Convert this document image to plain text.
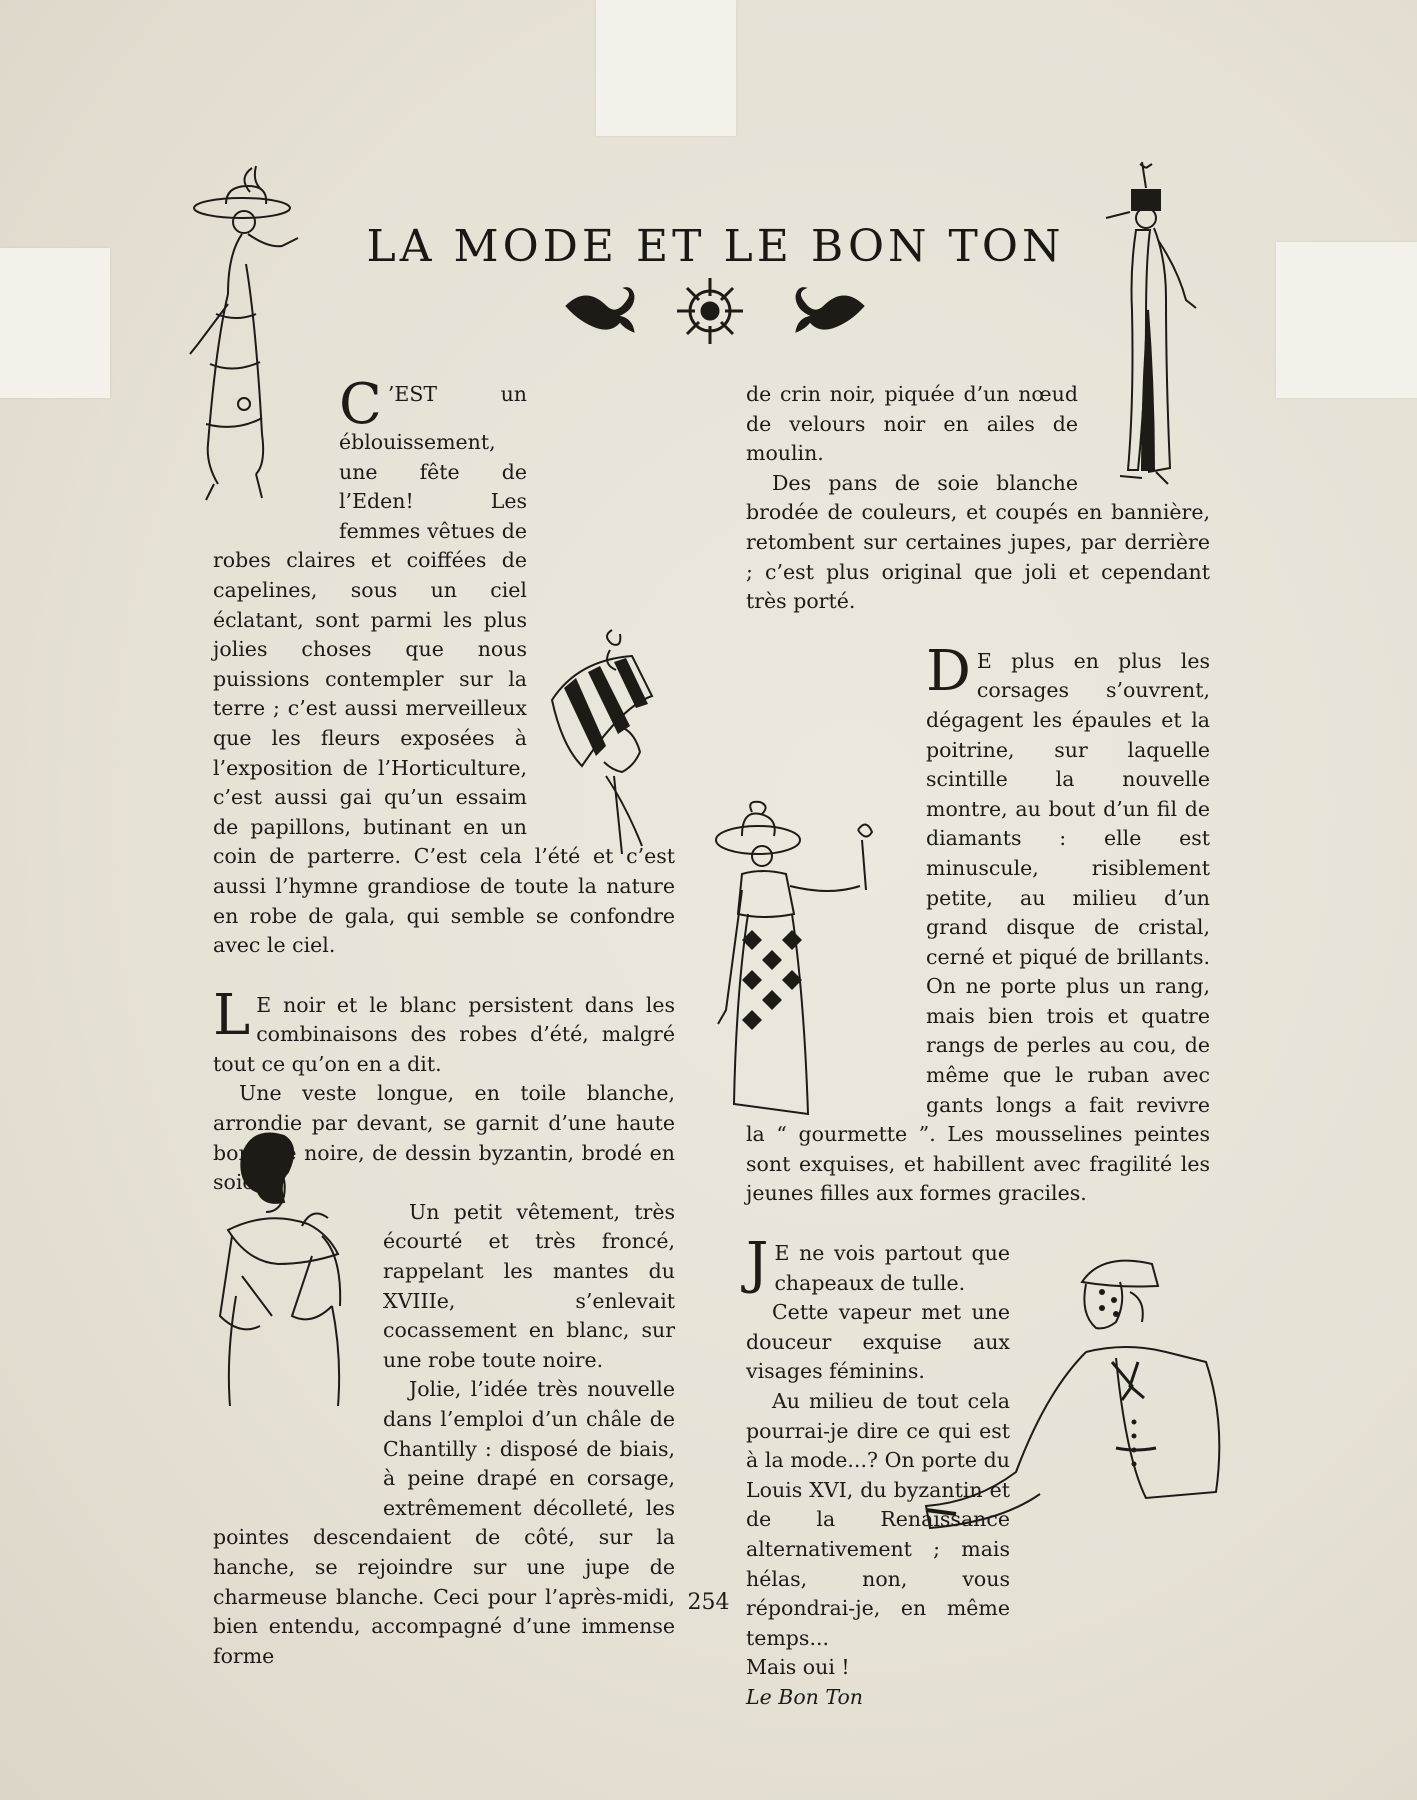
LA MODE ET LE BON TON

C ’EST un éblouissement, une fête de l’Eden! Les femmes vêtues de robes claires et coiffées de capelines, sous un ciel éclatant, sont parmi les plus jolies choses que nous puissions contempler sur la terre ; c’est aussi merveilleux que les fleurs exposées à l’exposition de l’Horticulture, c’est aussi gai qu’un essaim de papillons, butinant en un coin de parterre. C’est cela l’été et c’est aussi l’hymne grandiose de toute la nature en robe de gala, qui semble se confondre avec le ciel.

L E noir et le blanc persistent dans les combinaisons des robes d’été, malgré tout ce qu’on en a dit.

Une veste longue, en toile blanche, arrondie par devant, se garnit d’une haute bordure noire, de dessin byzantin, brodé en soie.

Un petit vêtement, très écourté et très froncé, rappelant les mantes du XVIIIe, s’enlevait cocassement en blanc, sur une robe toute noire.

Jolie, l’idée très nouvelle dans l’emploi d’un châle de Chantilly : disposé de biais, à peine drapé en corsage, extrêmement décolleté, les pointes descendaient de côté, sur la hanche, se rejoindre sur une jupe de charmeuse blanche. Ceci pour l’après-midi, bien entendu, accompagné d’une immense forme

de crin noir, piquée d’un nœud de velours noir en ailes de moulin.

Des pans de soie blanche brodée de couleurs, et coupés en bannière, retombent sur certaines jupes, par derrière ; c’est plus original que joli et cependant très porté.

D E plus en plus les corsages s’ouvrent, dégagent les épaules et la poitrine, sur laquelle scintille la nouvelle montre, au bout d’un fil de diamants : elle est minuscule, risiblement petite, au milieu d’un grand disque de cristal, cerné et piqué de brillants. On ne porte plus un rang, mais bien trois et quatre rangs de perles au cou, de même que le ruban avec gants longs a fait revivre la “ gourmette ”. Les mousselines peintes sont exquises, et habillent avec fragilité les jeunes filles aux formes graciles.

J E ne vois partout que chapeaux de tulle.

Cette vapeur met une douceur exquise aux visages féminins.

Au milieu de tout cela pourrai-je dire ce qui est à la mode...? On porte du Louis XVI, du byzantin et de la Renaissance alternativement ; mais hélas, non, vous répondrai-je, en même temps...

Mais oui !

Le Bon Ton

254
